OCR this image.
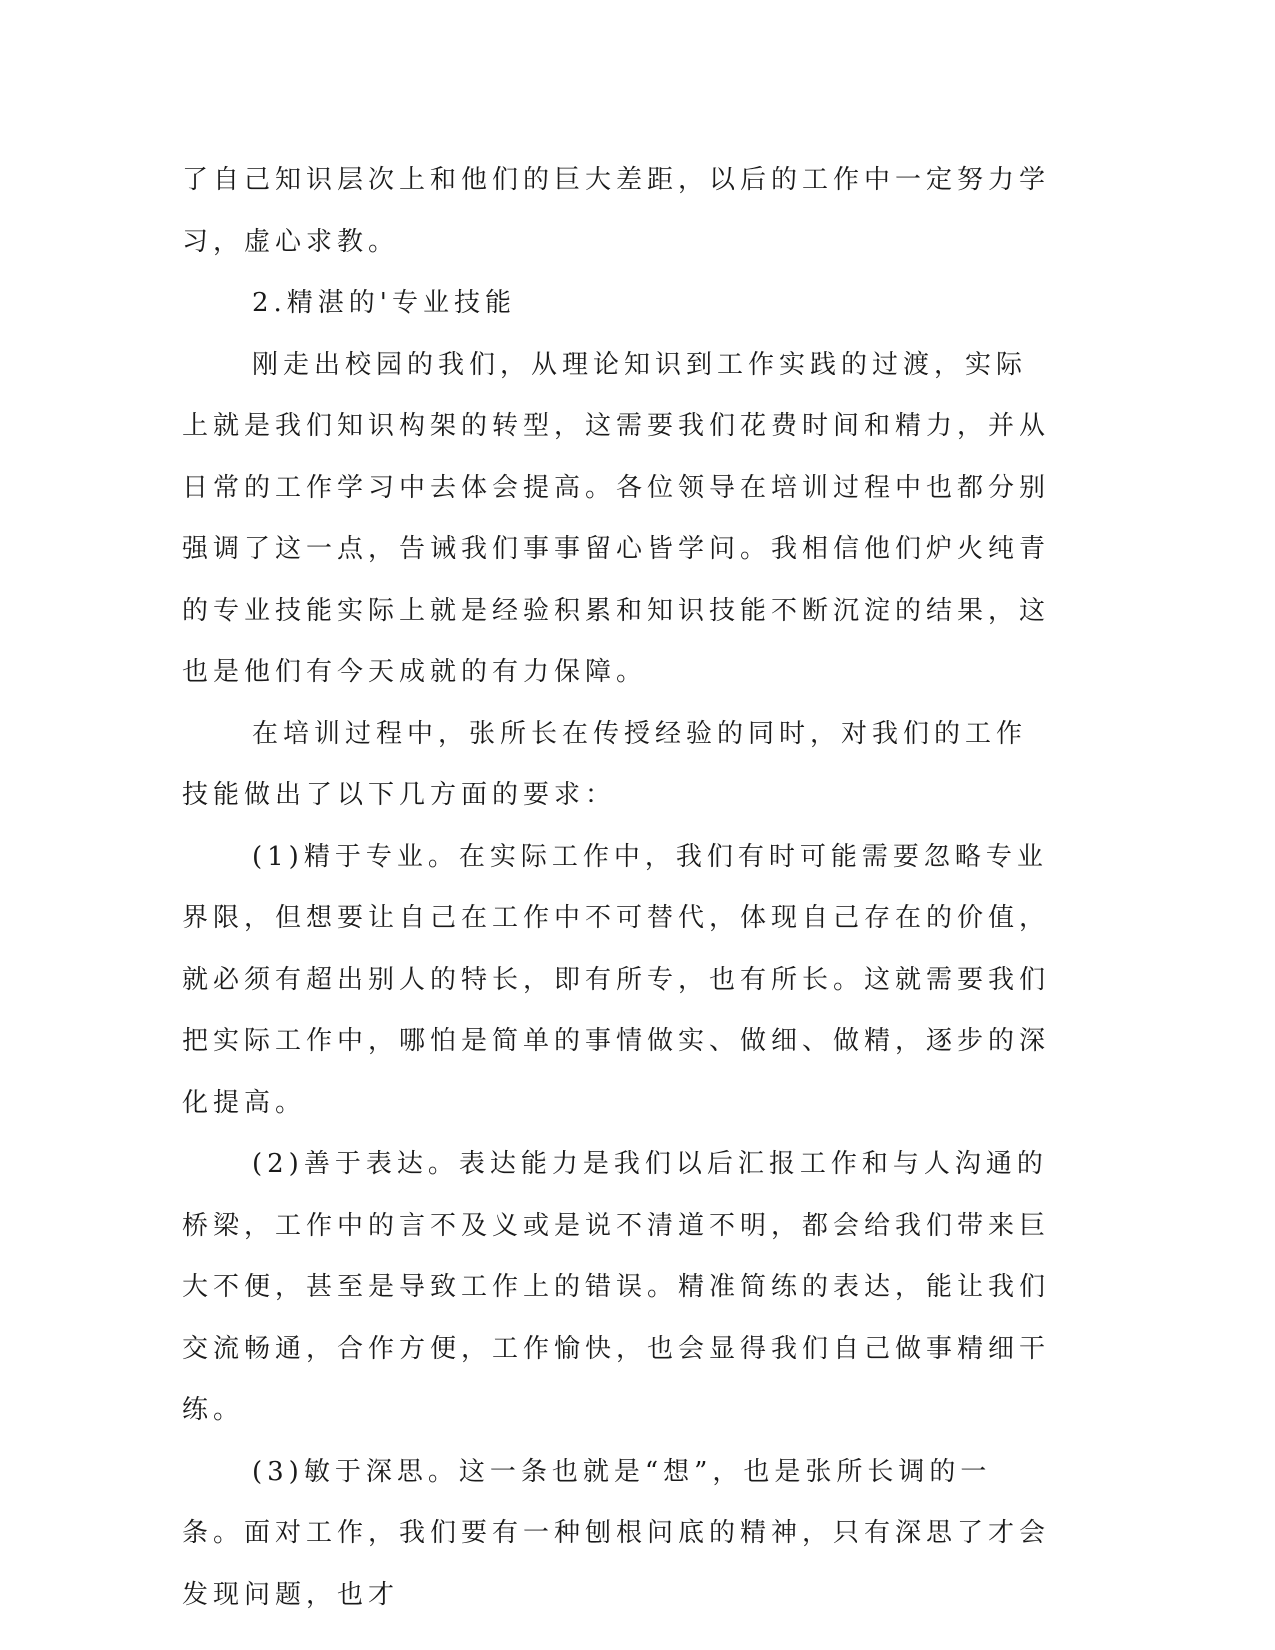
了自己知识层次上和他们的巨大差距，以后的工作中一定努力学习，虚心求教。

2.精湛的'专业技能

刚走出校园的我们，从理论知识到工作实践的过渡，实际上就是我们知识构架的转型，这需要我们花费时间和精力，并从日常的工作学习中去体会提高。各位领导在培训过程中也都分别强调了这一点，告诫我们事事留心皆学问。我相信他们炉火纯青的专业技能实际上就是经验积累和知识技能不断沉淀的结果，这也是他们有今天成就的有力保障。

在培训过程中，张所长在传授经验的同时，对我们的工作技能做出了以下几方面的要求：

(1)精于专业。在实际工作中，我们有时可能需要忽略专业界限，但想要让自己在工作中不可替代，体现自己存在的价值，就必须有超出别人的特长，即有所专，也有所长。这就需要我们把实际工作中，哪怕是简单的事情做实、做细、做精，逐步的深化提高。

(2)善于表达。表达能力是我们以后汇报工作和与人沟通的桥梁，工作中的言不及义或是说不清道不明，都会给我们带来巨大不便，甚至是导致工作上的错误。精准简练的表达，能让我们交流畅通，合作方便，工作愉快，也会显得我们自己做事精细干练。

(3)敏于深思。这一条也就是“想”，也是张所长调的一条。面对工作，我们要有一种刨根问底的精神，只有深思了才会发现问题，也才
